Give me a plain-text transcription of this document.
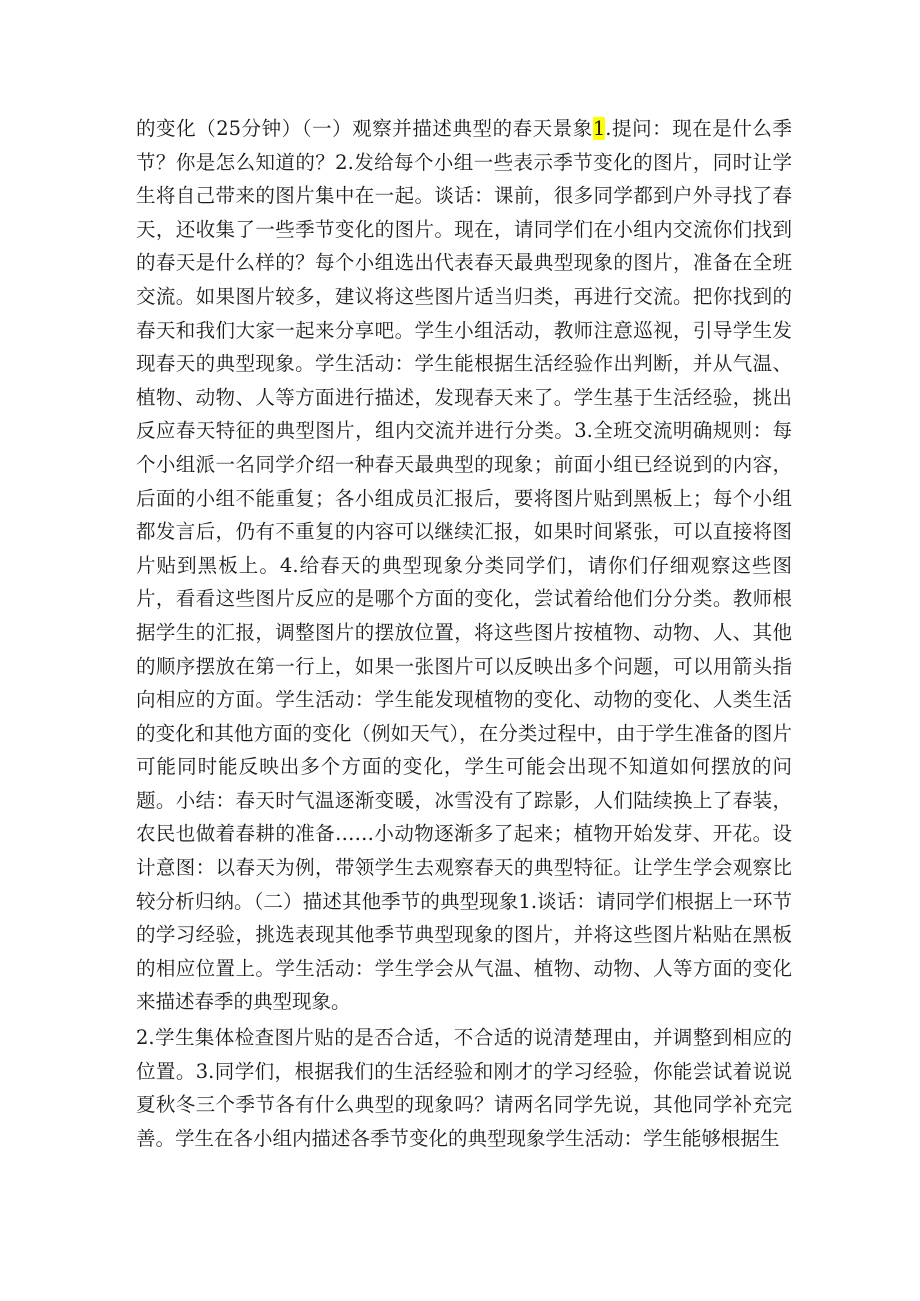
的变化（25分钟）（一）观察并描述典型的春天景象1.提问：现在是什么季节？你是怎么知道的？2.发给每个小组一些表示季节变化的图片，同时让学生将自己带来的图片集中在一起。谈话：课前，很多同学都到户外寻找了春天，还收集了一些季节变化的图片。现在，请同学们在小组内交流你们找到的春天是什么样的？每个小组选出代表春天最典型现象的图片，准备在全班交流。如果图片较多，建议将这些图片适当归类，再进行交流。把你找到的春天和我们大家一起来分享吧。学生小组活动，教师注意巡视，引导学生发现春天的典型现象。学生活动：学生能根据生活经验作出判断，并从气温、植物、动物、人等方面进行描述，发现春天来了。学生基于生活经验，挑出反应春天特征的典型图片，组内交流并进行分类。3.全班交流明确规则：每个小组派一名同学介绍一种春天最典型的现象；前面小组已经说到的内容，后面的小组不能重复；各小组成员汇报后，要将图片贴到黑板上；每个小组都发言后，仍有不重复的内容可以继续汇报，如果时间紧张，可以直接将图片贴到黑板上。4.给春天的典型现象分类同学们，请你们仔细观察这些图片，看看这些图片反应的是哪个方面的变化，尝试着给他们分分类。教师根据学生的汇报，调整图片的摆放位置，将这些图片按植物、动物、人、其他的顺序摆放在第一行上，如果一张图片可以反映出多个问题，可以用箭头指向相应的方面。学生活动：学生能发现植物的变化、动物的变化、人类生活的变化和其他方面的变化（例如天气），在分类过程中，由于学生准备的图片可能同时能反映出多个方面的变化，学生可能会出现不知道如何摆放的问题。小结：春天时气温逐渐变暖，冰雪没有了踪影，人们陆续换上了春装，农民也做着春耕的准备……小动物逐渐多了起来；植物开始发芽、开花。设计意图：以春天为例，带领学生去观察春天的典型特征。让学生学会观察比较分析归纳。（二）描述其他季节的典型现象1.谈话：请同学们根据上一环节的学习经验，挑选表现其他季节典型现象的图片，并将这些图片粘贴在黑板的相应位置上。学生活动：学生学会从气温、植物、动物、人等方面的变化来描述春季的典型现象。

2.学生集体检查图片贴的是否合适，不合适的说清楚理由，并调整到相应的位置。3.同学们，根据我们的生活经验和刚才的学习经验，你能尝试着说说夏秋冬三个季节各有什么典型的现象吗？请两名同学先说，其他同学补充完善。学生在各小组内描述各季节变化的典型现象学生活动：学生能够根据生
